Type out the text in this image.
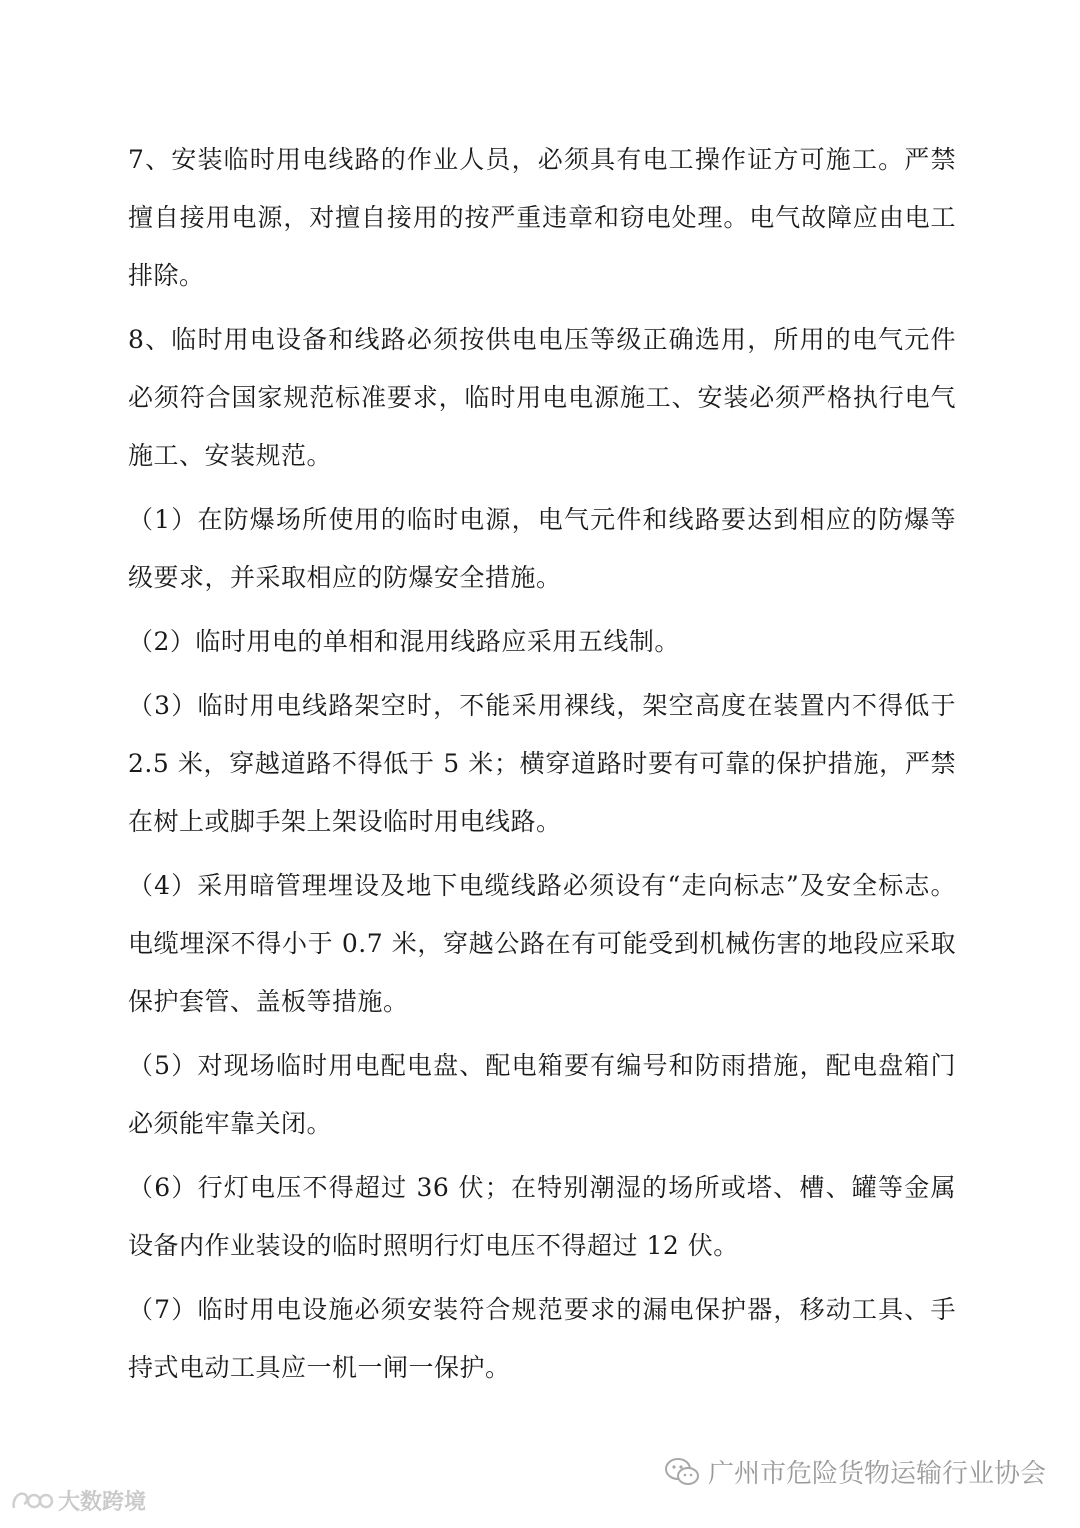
7、安装临时用电线路的作业人员，必须具有电工操作证方可施工。严禁擅自接用电源，对擅自接用的按严重违章和窃电处理。电气故障应由电工排除。

8、临时用电设备和线路必须按供电电压等级正确选用，所用的电气元件必须符合国家规范标准要求，临时用电电源施工、安装必须严格执行电气施工、安装规范。

（1）在防爆场所使用的临时电源，电气元件和线路要达到相应的防爆等级要求，并采取相应的防爆安全措施。

（2）临时用电的单相和混用线路应采用五线制。

（3）临时用电线路架空时，不能采用裸线，架空高度在装置内不得低于 2.5 米，穿越道路不得低于 5 米；横穿道路时要有可靠的保护措施，严禁在树上或脚手架上架设临时用电线路。

（4）采用暗管理埋设及地下电缆线路必须设有“走向标志”及安全标志。电缆埋深不得小于 0.7 米，穿越公路在有可能受到机械伤害的地段应采取保护套管、盖板等措施。

（5）对现场临时用电配电盘、配电箱要有编号和防雨措施，配电盘箱门必须能牢靠关闭。

（6）行灯电压不得超过 36 伏；在特别潮湿的场所或塔、槽、罐等金属设备内作业装设的临时照明行灯电压不得超过 12 伏。

（7）临时用电设施必须安装符合规范要求的漏电保护器，移动工具、手持式电动工具应一机一闸一保护。

广州市危险货物运输行业协会
大数跨境
